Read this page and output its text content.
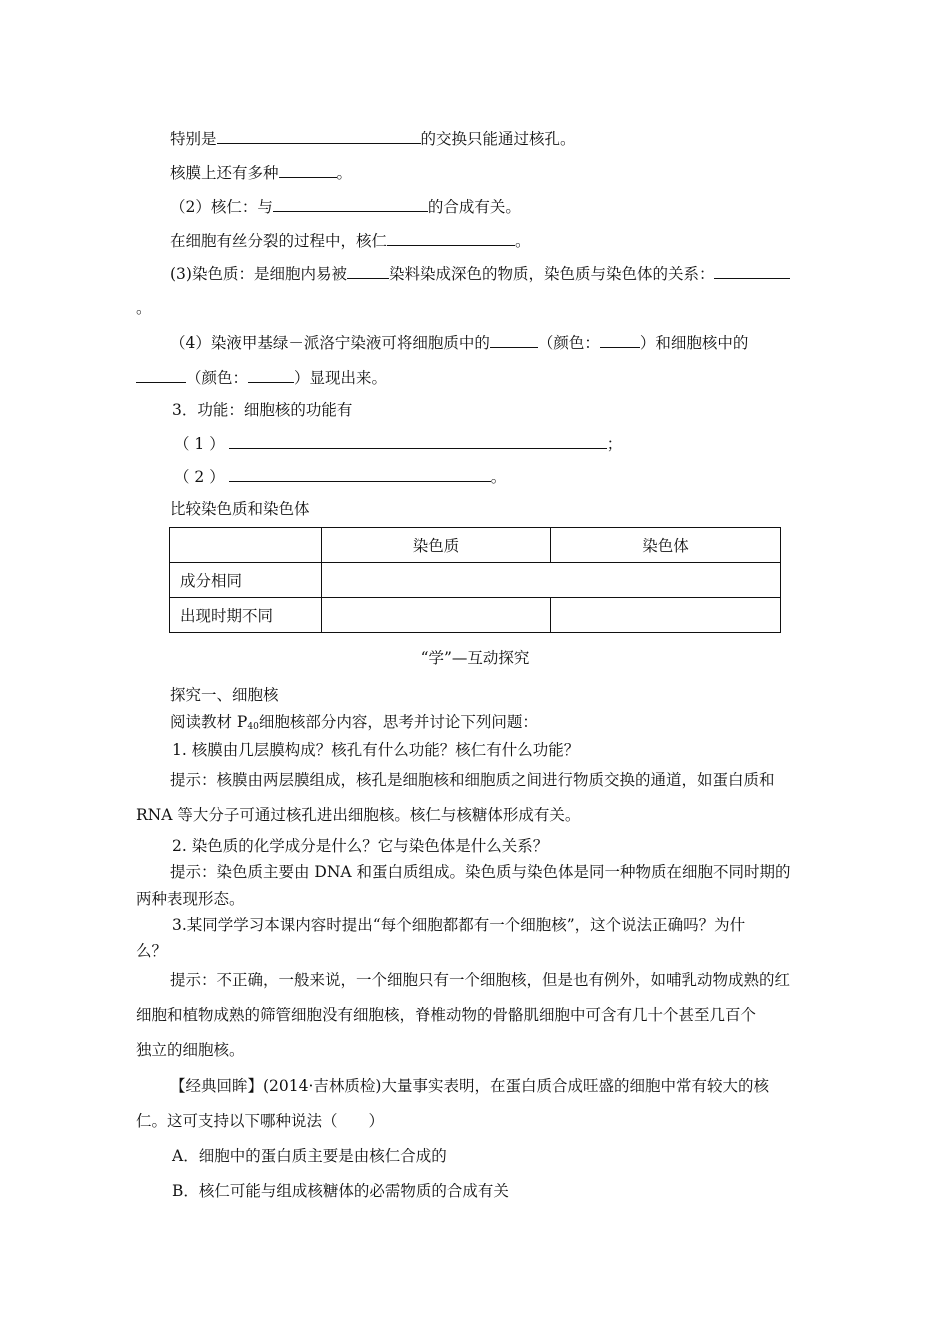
特别是	的交换只能通过核孔。
核膜上还有多种	。
（2）核仁：与	的合成有关。
在细胞有丝分裂的过程中，核仁	。
(3)染色质：是细胞内易被	染料染成深色的物质，染色质与染色体的关系：
。
（4）染液甲基绿－派洛宁染液可将细胞质中的	（颜色：	）和细胞核中的
（颜色：	）显现出来。
3．功能：细胞核的功能有
（ 1 ）	；
（ 2 ）	。
比较染色质和染色体
	染色质	染色体
成分相同		
出现时期不同		
“学”—互动探究
探究一、细胞核
阅读教材 $P_{40}$细胞核部分内容，思考并讨论下列问题：
1. 核膜由几层膜构成？核孔有什么功能？核仁有什么功能？
提示：核膜由两层膜组成，核孔是细胞核和细胞质之间进行物质交换的通道，如蛋白质和
RNA 等大分子可通过核孔进出细胞核。核仁与核糖体形成有关。
2. 染色质的化学成分是什么？它与染色体是什么关系？
提示：染色质主要由 DNA 和蛋白质组成。染色质与染色体是同一种物质在细胞不同时期的
两种表现形态。
3.某同学学习本课内容时提出“每个细胞都都有一个细胞核”，这个说法正确吗？为什
么？
提示：不正确，一般来说，一个细胞只有一个细胞核，但是也有例外，如哺乳动物成熟的红
细胞和植物成熟的筛管细胞没有细胞核，脊椎动物的骨骼肌细胞中可含有几十个甚至几百个
独立的细胞核。
【经典回眸】(2014·吉林质检)大量事实表明，在蛋白质合成旺盛的细胞中常有较大的核
仁。这可支持以下哪种说法（　　）
A．细胞中的蛋白质主要是由核仁合成的
B．核仁可能与组成核糖体的必需物质的合成有关
